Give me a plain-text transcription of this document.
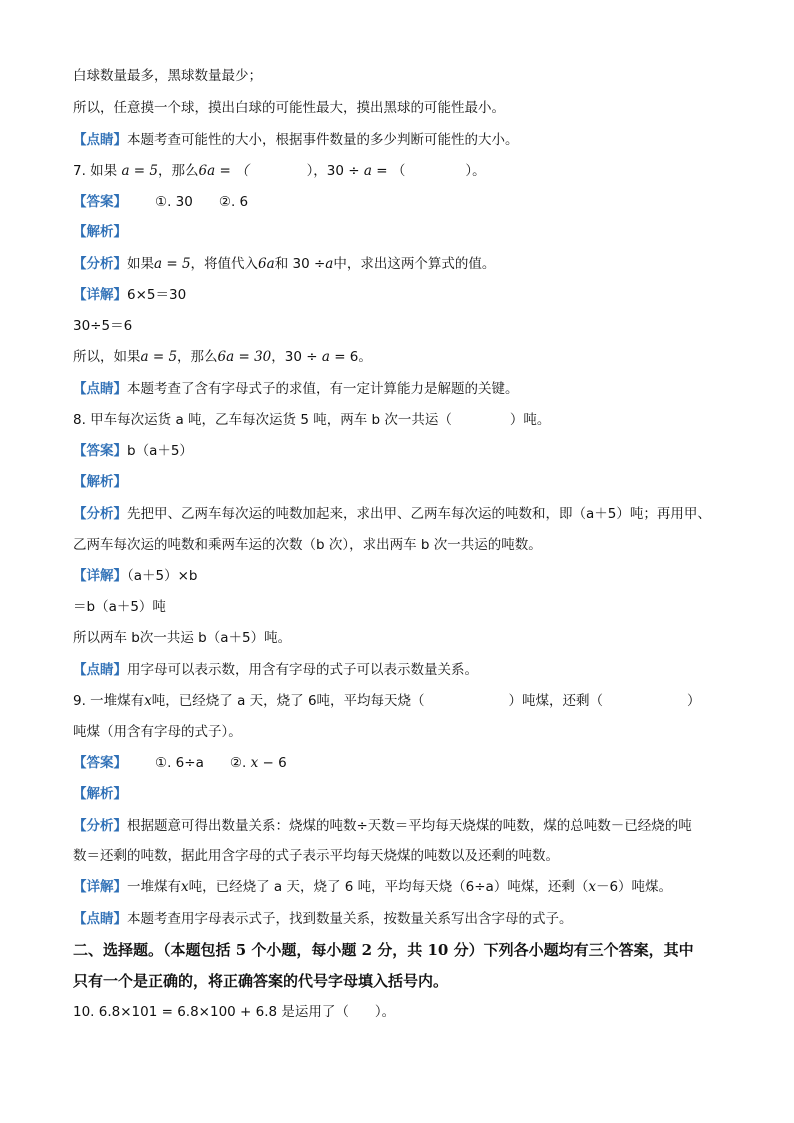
白球数量最多，黑球数量最少；
所以，任意摸一个球，摸出白球的可能性最大，摸出黑球的可能性最小。
【点睛】本题考查可能性的大小，根据事件数量的多少判断可能性的大小。
7. 如果 a = 5，那么6a = （	），30 ÷ a = （	）。
【答案】 ①. 30 ②. 6
【解析】
【分析】如果a = 5，将值代入6a和 30 ÷a中，求出这两个算式的值。
【详解】6×5＝30
30÷5＝6
所以，如果a = 5，那么6a = 30，30 ÷ a = 6。
【点睛】本题考查了含有字母式子的求值，有一定计算能力是解题的关键。
8. 甲车每次运货 a 吨，乙车每次运货 5 吨，两车 b 次一共运（	）吨。
【答案】b（a＋5）
【解析】
【分析】先把甲、乙两车每次运的吨数加起来，求出甲、乙两车每次运的吨数和，即（a＋5）吨；再用甲、
乙两车每次运的吨数和乘两车运的次数（b 次），求出两车 b 次一共运的吨数。
【详解】（a＋5）×b
＝b（a＋5）吨
所以两车 b次一共运 b（a＋5）吨。
【点睛】用字母可以表示数，用含有字母的式子可以表示数量关系。
9. 一堆煤有x吨，已经烧了 a 天，烧了 6吨，平均每天烧（	）吨煤，还剩（	）
吨煤（用含有字母的式子）。
【答案】 ①. 6÷a ②. x − 6
【解析】
【分析】根据题意可得出数量关系：烧煤的吨数÷天数＝平均每天烧煤的吨数，煤的总吨数－已经烧的吨
数＝还剩的吨数，据此用含字母的式子表示平均每天烧煤的吨数以及还剩的吨数。
【详解】一堆煤有x吨，已经烧了 a 天，烧了 6 吨，平均每天烧（6÷a）吨煤，还剩（x－6）吨煤。
【点睛】本题考查用字母表示式子，找到数量关系，按数量关系写出含字母的式子。
二、选择题。（本题包括 5 个小题，每小题 2 分，共 10 分）下列各小题均有三个答案，其中
只有一个是正确的，将正确答案的代号字母填入括号内。
10. 6.8×101 = 6.8×100 + 6.8 是运用了（ ）。
